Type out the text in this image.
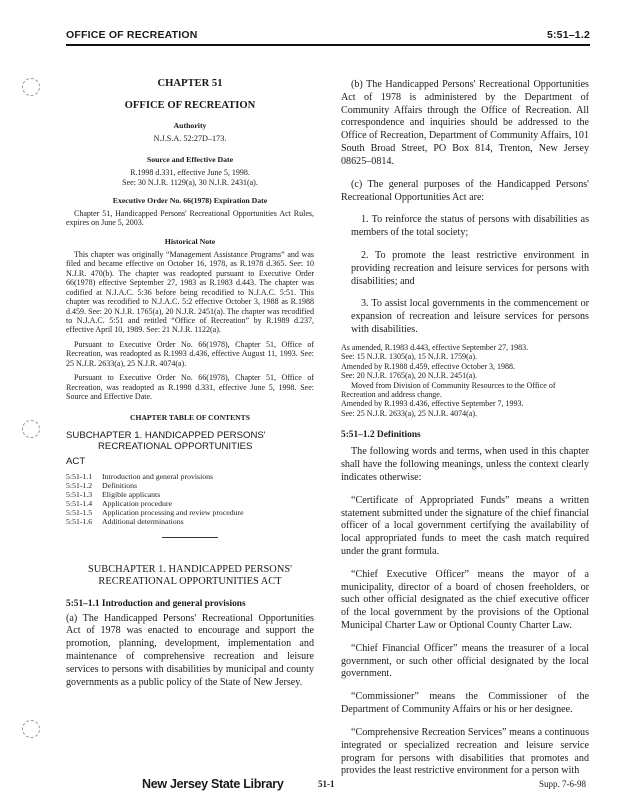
OFFICE OF RECREATION	5:51–1.2
CHAPTER 51
OFFICE OF RECREATION
Authority
N.J.S.A. 52:27D–173.
Source and Effective Date
R.1998 d.331, effective June 5, 1998.
See: 30 N.J.R. 1129(a), 30 N.J.R. 2431(a).
Executive Order No. 66(1978) Expiration Date
Chapter 51, Handicapped Persons' Recreational Opportunities Act Rules, expires on June 5, 2003.
Historical Note
This chapter was originally “Management Assistance Programs” and was filed and became effective on October 16, 1978, as R.1978 d.365. See: 10 N.J.R. 470(b). The chapter was readopted pursuant to Executive Order 66(1978) effective September 27, 1983 as R.1983 d.443. The chapter was codified at N.J.A.C. 5:36 before being recodified to N.J.A.C. 5:51. This chapter was recodified to N.J.A.C. 5:2 effective October 3, 1988 as R.1988 d.459. See: 20 N.J.R. 1765(a), 20 N.J.R. 2451(a). The chapter was recodified to N.J.A.C. 5:51 and retitled “Office of Recreation” by R.1989 d.237, effective April 10, 1989. See: 21 N.J.R. 1122(a).
Pursuant to Executive Order No. 66(1978), Chapter 51, Office of Recreation, was readopted as R.1993 d.436, effective August 11, 1993. See: 25 N.J.R. 2633(a), 25 N.J.R. 4074(a).
Pursuant to Executive Order No. 66(1978), Chapter 51, Office of Recreation, was readopted as R.1998 d.331, effective June 5, 1998. See: Source and Effective Date.
CHAPTER TABLE OF CONTENTS
SUBCHAPTER 1. HANDICAPPED PERSONS'
RECREATIONAL OPPORTUNITIES
ACT
5:51-1.1	Introduction and general provisions
5:51-1.2	Definitions
5:51-1.3	Eligible applicants
5:51-1.4	Application procedure
5:51-1.5	Application processing and review procedure
5:51-1.6	Additional determinations
SUBCHAPTER 1. HANDICAPPED PERSONS'
RECREATIONAL OPPORTUNITIES ACT
5:51–1.1 Introduction and general provisions
(a) The Handicapped Persons' Recreational Opportunities Act of 1978 was enacted to encourage and support the promotion, planning, development, implementation and maintenance of comprehensive recreation and leisure services to persons with disabilities by municipal and county governments as a public policy of the State of New Jersey.
(b) The Handicapped Persons' Recreational Opportunities Act of 1978 is administered by the Department of Community Affairs through the Office of Recreation. All correspondence and inquiries should be addressed to the Office of Recreation, Department of Community Affairs, 101 South Broad Street, PO Box 814, Trenton, New Jersey 08625–0814.
(c) The general purposes of the Handicapped Persons' Recreational Opportunities Act are:
1. To reinforce the status of persons with disabilities as members of the total society;
2. To promote the least restrictive environment in providing recreation and leisure services for persons with disabilities; and
3. To assist local governments in the commencement or expansion of recreation and leisure services for persons with disabilities.
As amended, R.1983 d.443, effective September 27, 1983.
See: 15 N.J.R. 1305(a), 15 N.J.R. 1759(a).
Amended by R.1988 d.459, effective October 3, 1988.
See: 20 N.J.R. 1765(a), 20 N.J.R. 2451(a).
Moved from Division of Community Resources to the Office of Recreation and address change.
Amended by R.1993 d.436, effective September 7, 1993.
See: 25 N.J.R. 2633(a), 25 N.J.R. 4074(a).
5:51–1.2 Definitions
The following words and terms, when used in this chapter shall have the following meanings, unless the context clearly indicates otherwise:
“Certificate of Appropriated Funds” means a written statement submitted under the signature of the chief financial officer of a local government certifying the availability of local appropriated funds to meet the cash match required under the grant formula.
“Chief Executive Officer” means the mayor of a municipality, director of a board of chosen freeholders, or such other official designated as the chief executive officer of the local government by the provisions of the Optional Municipal Charter Law or Optional County Charter Law.
“Chief Financial Officer” means the treasurer of a local government, or such other official designated by the local government.
“Commissioner” means the Commissioner of the Department of Community Affairs or his or her designee.
“Comprehensive Recreation Services” means a continuous integrated or specialized recreation and leisure service program for persons with disabilities that promotes and provides the least restrictive environment for a person with
New Jersey State Library	51-1	Supp. 7-6-98
